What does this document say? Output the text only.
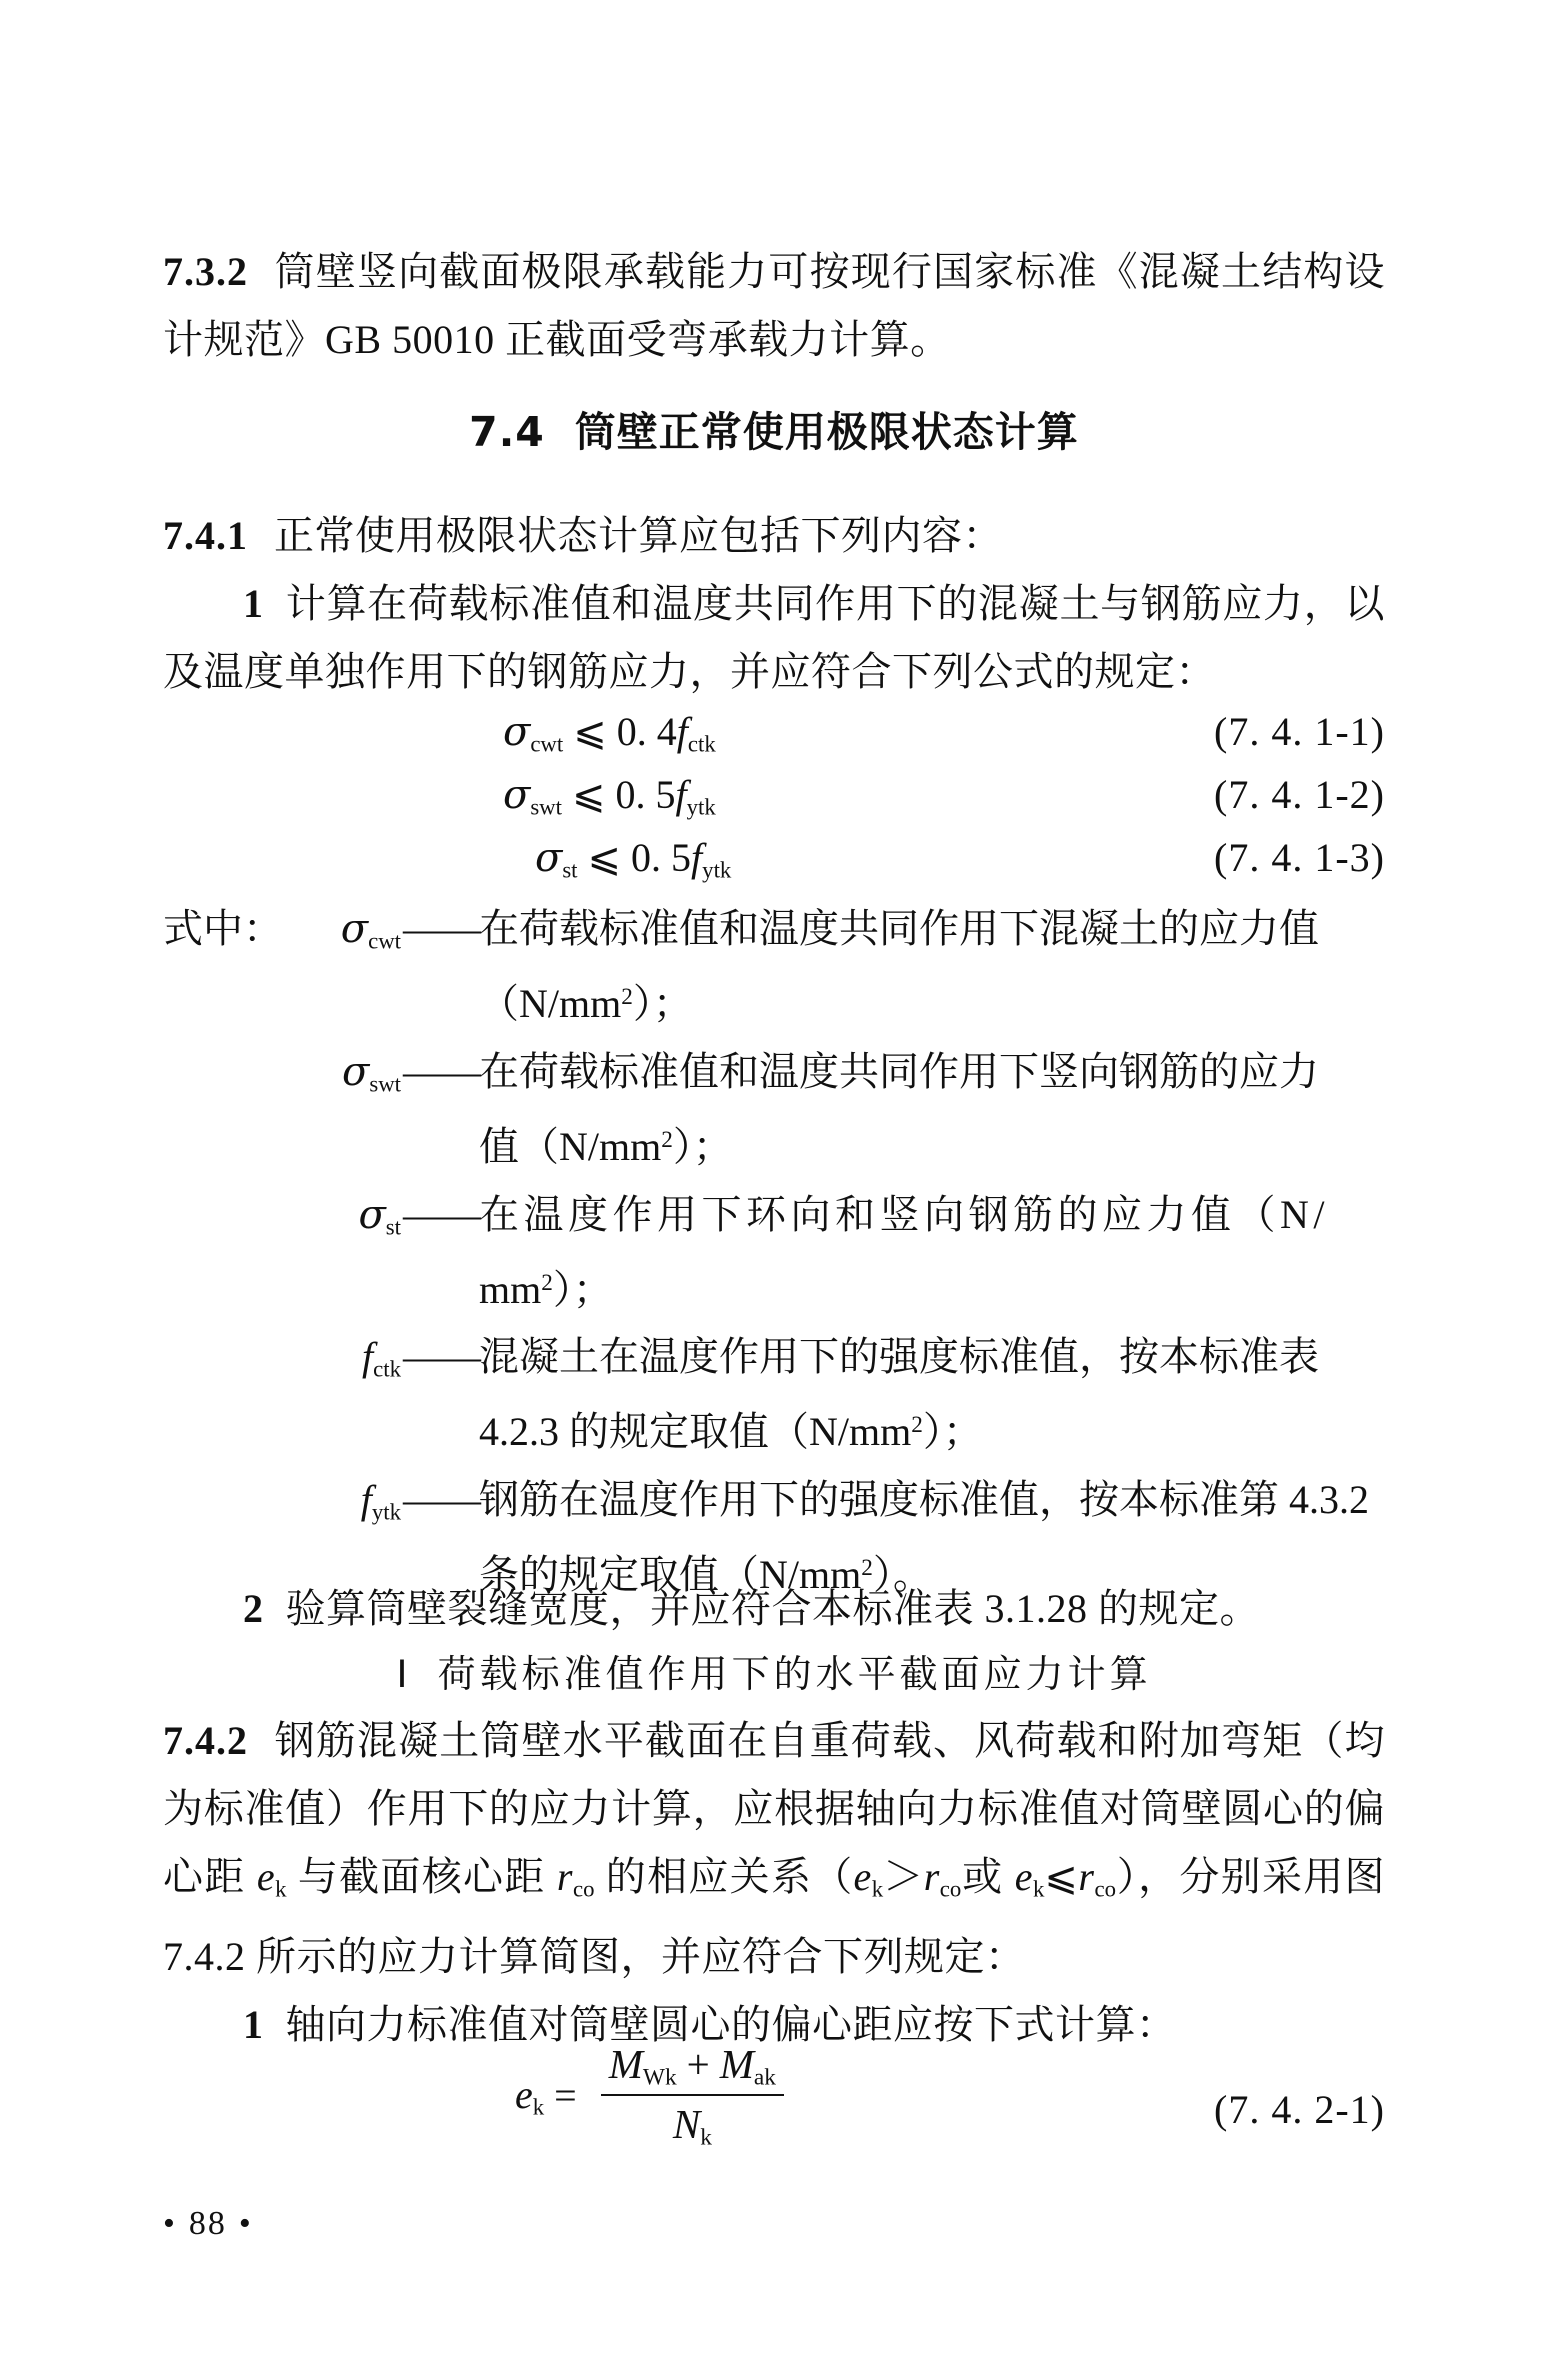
7.3.2 筒壁竖向截面极限承载能力可按现行国家标准《混凝土结构设计规范》GB 50010 正截面受弯承载力计算。

7.4 筒壁正常使用极限状态计算

7.4.1 正常使用极限状态计算应包括下列内容：

1 计算在荷载标准值和温度共同作用下的混凝土与钢筋应力，以及温度单独作用下的钢筋应力，并应符合下列公式的规定：

$\sigma_{cwt}$ ⩽ 0. $4f_{ctk}$	(7. 4. 1-1)
$\sigma_{swt}$ ⩽ 0. $5f_{ytk}$	(7. 4. 1-2)
$\sigma_{st}$ ⩽ 0. $5f_{ytk}$	(7. 4. 1-3)
式中：	$\sigma_{cwt}$ —— 在荷载标准值和温度共同作用下混凝土的应力值
$(N/mm^2)$；
$\sigma_{swt}$ —— 在荷载标准值和温度共同作用下竖向钢筋的应力
值$(N/mm^2)$；
$\sigma_{st}$ —— 在温度作用下环向和竖向钢筋的应力值（N/
$mm^2$）；
$f_{ctk}$ —— 混凝土在温度作用下的强度标准值，按本标准表
4.2.3 的规定取值$(N/mm^2)$；
$f_{ytk}$ —— 钢筋在温度作用下的强度标准值，按本标准第 4.3.2
条的规定取值$(N/mm^2)$。

2 验算筒壁裂缝宽度，并应符合本标准表 3.1.28 的规定。

Ⅰ 荷载标准值作用下的水平截面应力计算

7.4.2 钢筋混凝土筒壁水平截面在自重荷载、风荷载和附加弯矩（均为标准值）作用下的应力计算，应根据轴向力标准值对筒壁圆心的偏心距 $e_k$ 与截面核心距 $r_{co}$ 的相应关系（$e_k>r_{co}$或 $e_k⩽r_{co}$），分别采用图 7.4.2 所示的应力计算简图，并应符合下列规定：

1 轴向力标准值对筒壁圆心的偏心距应按下式计算：

$e_k = \frac{M_{Wk} + M_{ak}}{N_k}$	(7. 4. 2-1)
• 88 •
